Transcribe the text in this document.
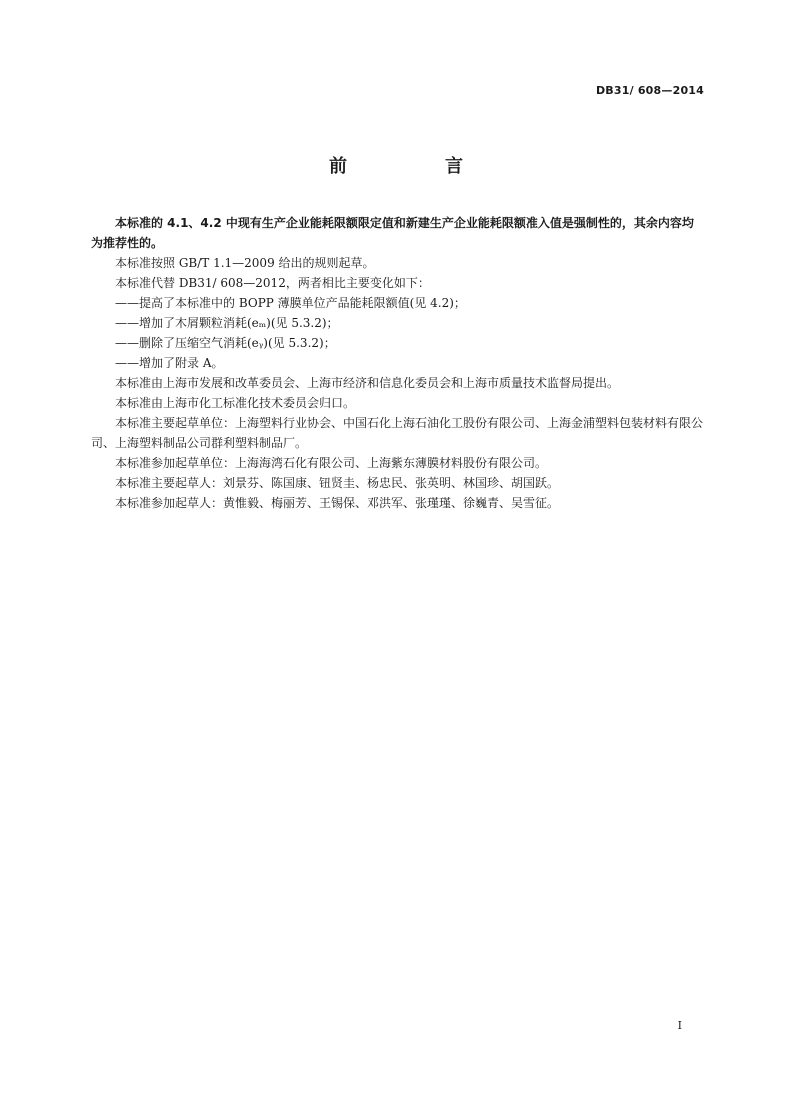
DB31/ 608—2014
前　言

本标准的 4.1、4.2 中现有生产企业能耗限额限定值和新建生产企业能耗限额准入值是强制性的，其余内容均为推荐性的。

本标准按照 GB/T 1.1—2009 给出的规则起草。

本标准代替 DB31/ 608—2012，两者相比主要变化如下：

——提高了本标准中的 BOPP 薄膜单位产品能耗限额值(见 4.2)；

——增加了木屑颗粒消耗(eₘ)(见 5.3.2)；

——删除了压缩空气消耗(eᵧ)(见 5.3.2)；

——增加了附录 A。

本标准由上海市发展和改革委员会、上海市经济和信息化委员会和上海市质量技术监督局提出。

本标准由上海市化工标准化技术委员会归口。

本标准主要起草单位：上海塑料行业协会、中国石化上海石油化工股份有限公司、上海金浦塑料包装材料有限公司、上海塑料制品公司群利塑料制品厂。

本标准参加起草单位：上海海湾石化有限公司、上海紫东薄膜材料股份有限公司。

本标准主要起草人：刘景芬、陈国康、钮贤圭、杨忠民、张英明、林国珍、胡国跃。

本标准参加起草人：黄惟毅、梅丽芳、王锡保、邓洪军、张瑾瑾、徐巍青、吴雪征。

I
